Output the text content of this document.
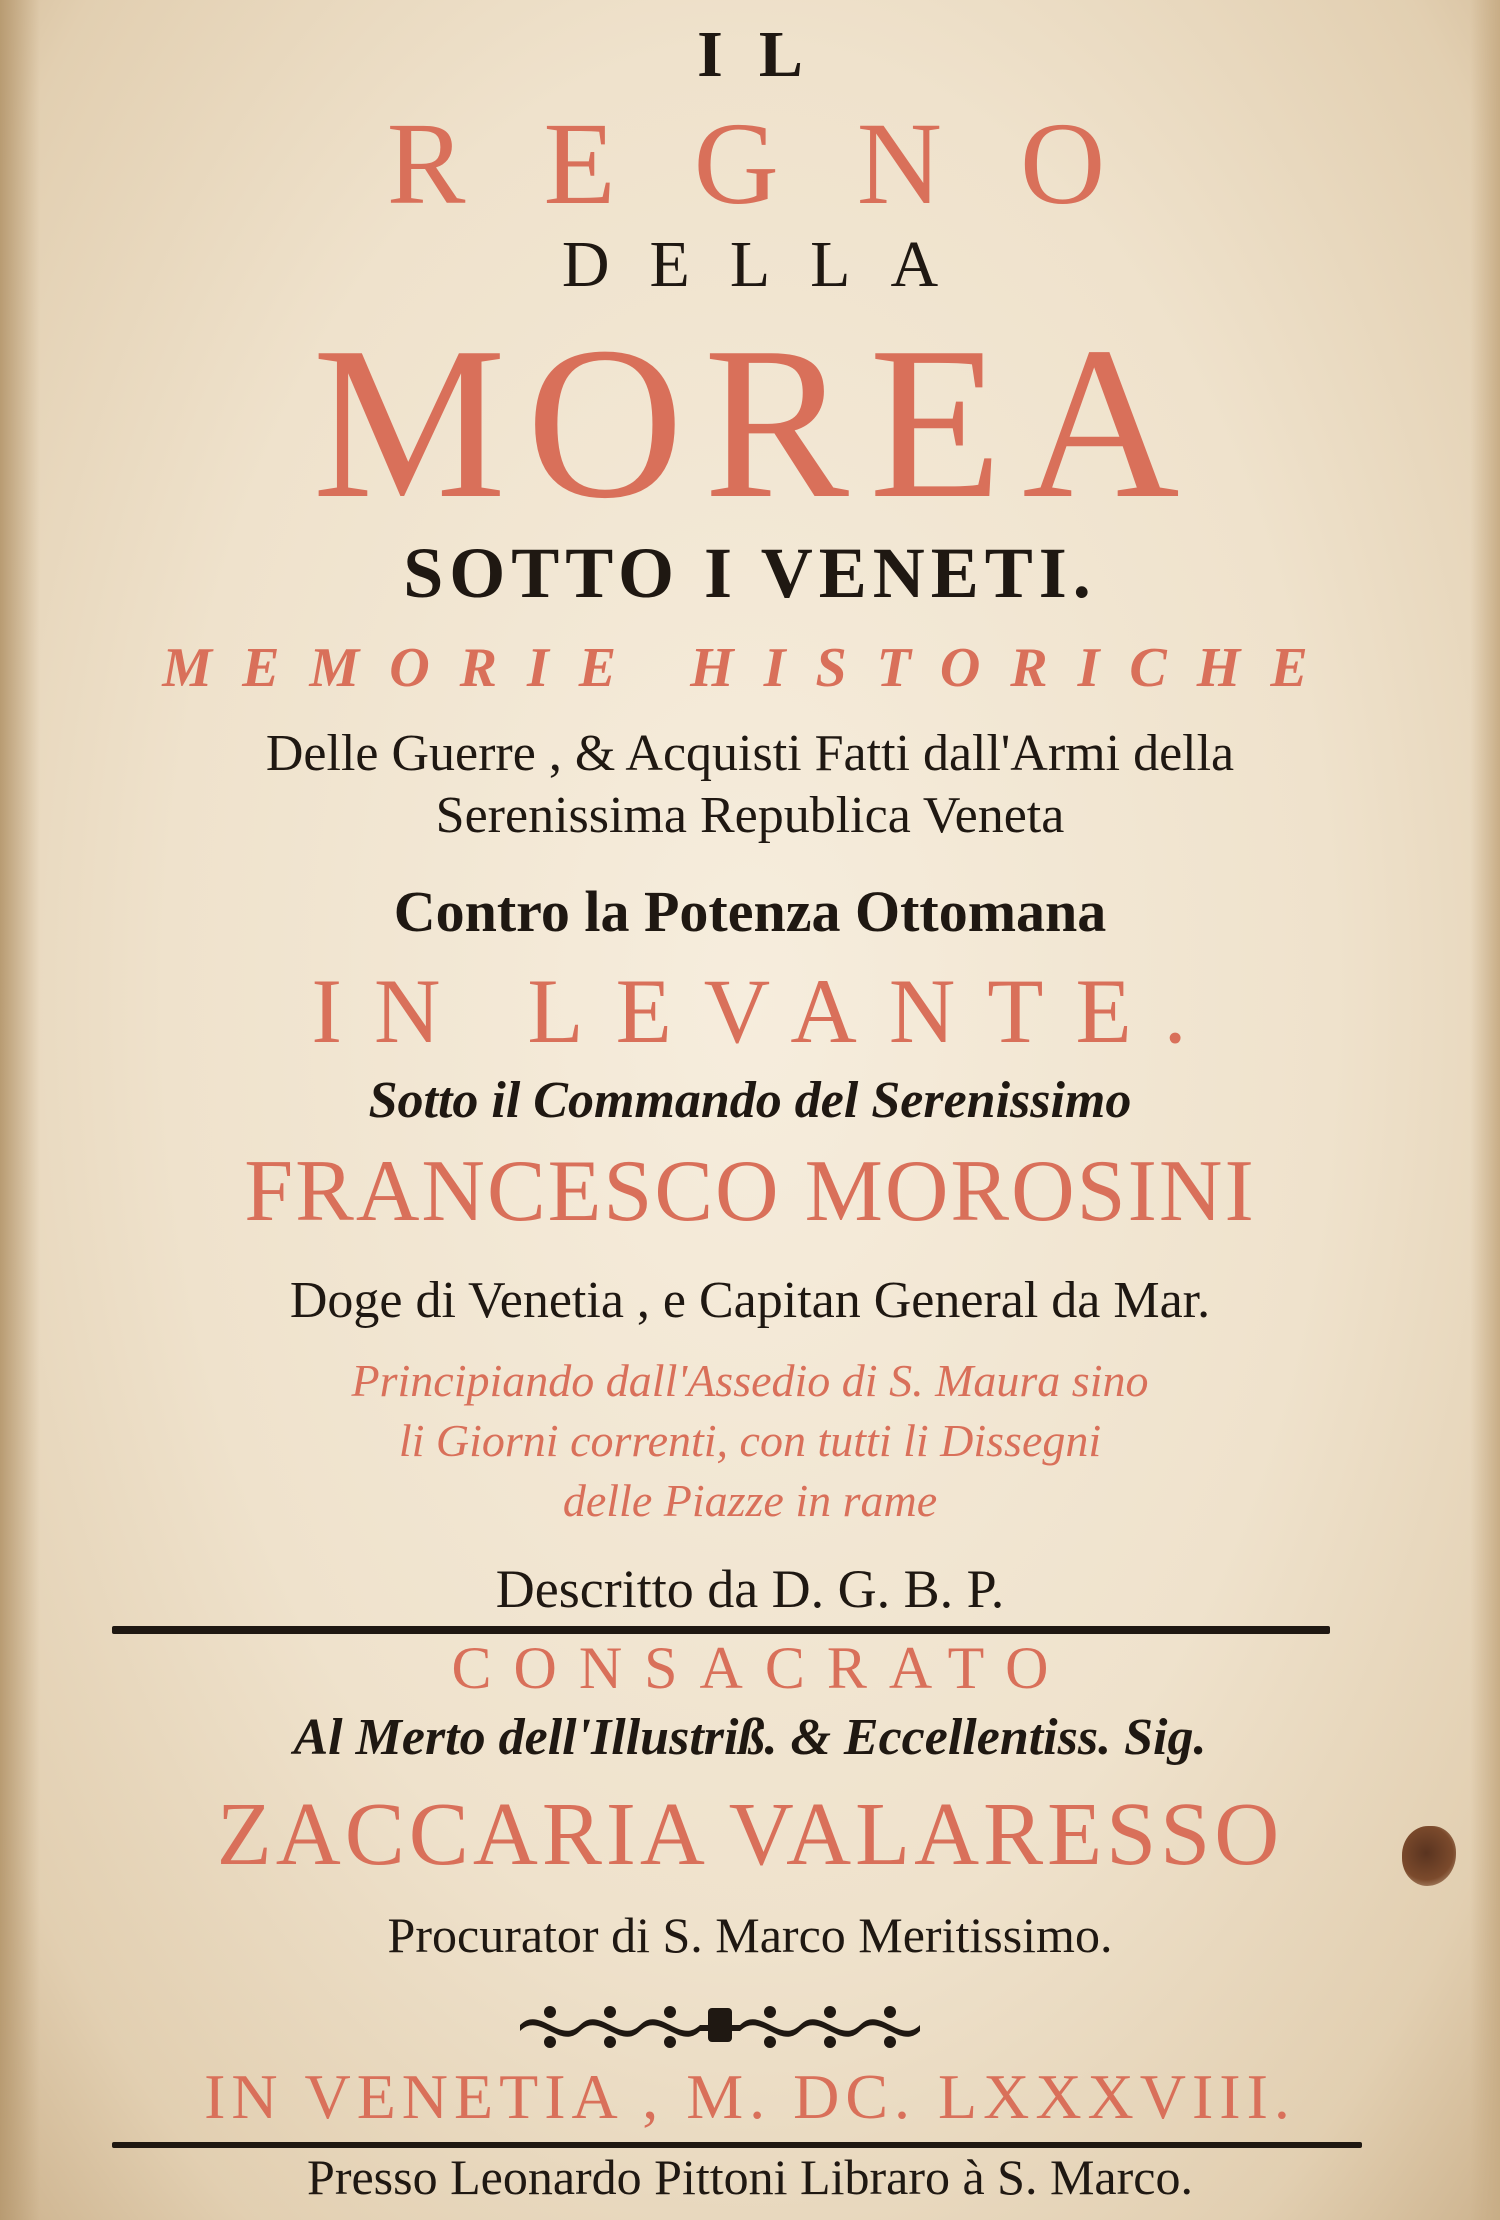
IL
REGNO
DELLA
MOREA
SOTTO I VENETI.
MEMORIE HISTORICHE
Delle Guerre , & Acquisti Fatti dall'Armi della
Serenissima Republica Veneta
Contro la Potenza Ottomana
IN LEVANTE.
Sotto il Commando del Serenissimo
FRANCESCO MOROSINI
Doge di Venetia , e Capitan General da Mar.
Principiando dall'Assedio di S. Maura sino
li Giorni correnti, con tutti li Dissegni
delle Piazze in rame
Descritto da D. G. B. P.
CONSACRATO
Al Merto dell'Illustriß. & Eccellentiss. Sig.
ZACCARIA VALARESSO
Procurator di S. Marco Meritissimo.
IN VENETIA , M. DC. LXXXVIII.
Presso Leonardo Pittoni Libraro à S. Marco.
